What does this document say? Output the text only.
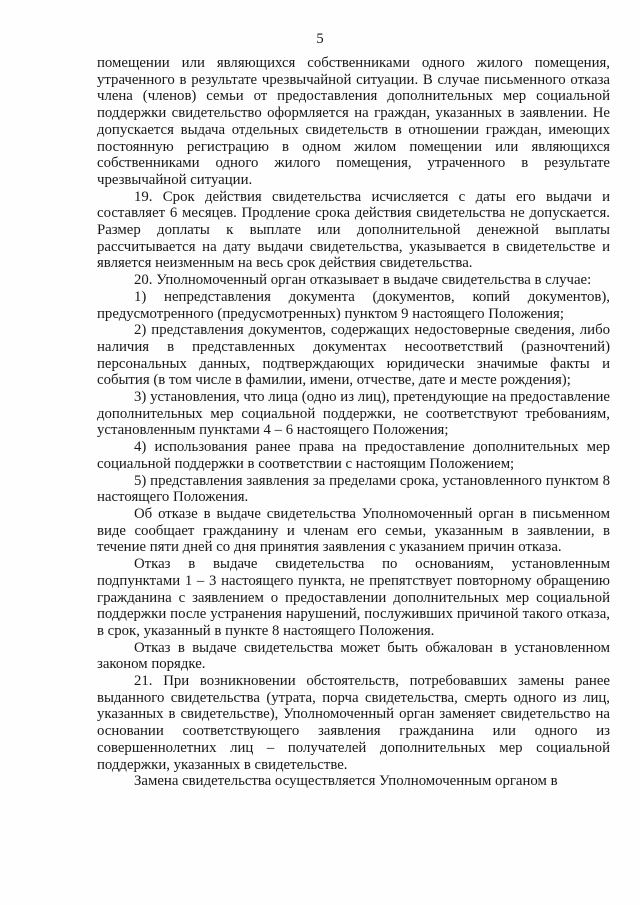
5

помещении или являющихся собственниками одного жилого помещения, утраченного в результате чрезвычайной ситуации. В случае письменного отказа члена (членов) семьи от предоставления дополнительных мер социальной поддержки свидетельство оформляется на граждан, указанных в заявлении. Не допускается выдача отдельных свидетельств в отношении граждан, имеющих постоянную регистрацию в одном жилом помещении или являющихся собственниками одного жилого помещения, утраченного в результате чрезвычайной ситуации.

19. Срок действия свидетельства исчисляется с даты его выдачи и составляет 6 месяцев. Продление срока действия свидетельства не допускается. Размер доплаты к выплате или дополнительной денежной выплаты рассчитывается на дату выдачи свидетельства, указывается в свидетельстве и является неизменным на весь срок действия свидетельства.

20. Уполномоченный орган отказывает в выдаче свидетельства в случае:

1) непредставления документа (документов, копий документов), предусмотренного (предусмотренных) пунктом 9 настоящего Положения;

2) представления документов, содержащих недостоверные сведения, либо наличия в представленных документах несоответствий (разночтений) персональных данных, подтверждающих юридически значимые факты и события (в том числе в фамилии, имени, отчестве, дате и месте рождения);

3) установления, что лица (одно из лиц), претендующие на предоставление дополнительных мер социальной поддержки, не соответствуют требованиям, установленным пунктами 4 – 6 настоящего Положения;

4) использования ранее права на предоставление дополнительных мер социальной поддержки в соответствии с настоящим Положением;

5) представления заявления за пределами срока, установленного пунктом 8 настоящего Положения.

Об отказе в выдаче свидетельства Уполномоченный орган в письменном виде сообщает гражданину и членам его семьи, указанным в заявлении, в течение пяти дней со дня принятия заявления с указанием причин отказа.

Отказ в выдаче свидетельства по основаниям, установленным подпунктами 1 – 3 настоящего пункта, не препятствует повторному обращению гражданина с заявлением о предоставлении дополнительных мер социальной поддержки после устранения нарушений, послуживших причиной такого отказа, в срок, указанный в пункте 8 настоящего Положения.

Отказ в выдаче свидетельства может быть обжалован в установленном законом порядке.

21. При возникновении обстоятельств, потребовавших замены ранее выданного свидетельства (утрата, порча свидетельства, смерть одного из лиц, указанных в свидетельстве), Уполномоченный орган заменяет свидетельство на основании соответствующего заявления гражданина или одного из совершеннолетних лиц – получателей дополнительных мер социальной поддержки, указанных в свидетельстве.

Замена свидетельства осуществляется Уполномоченным органом в
